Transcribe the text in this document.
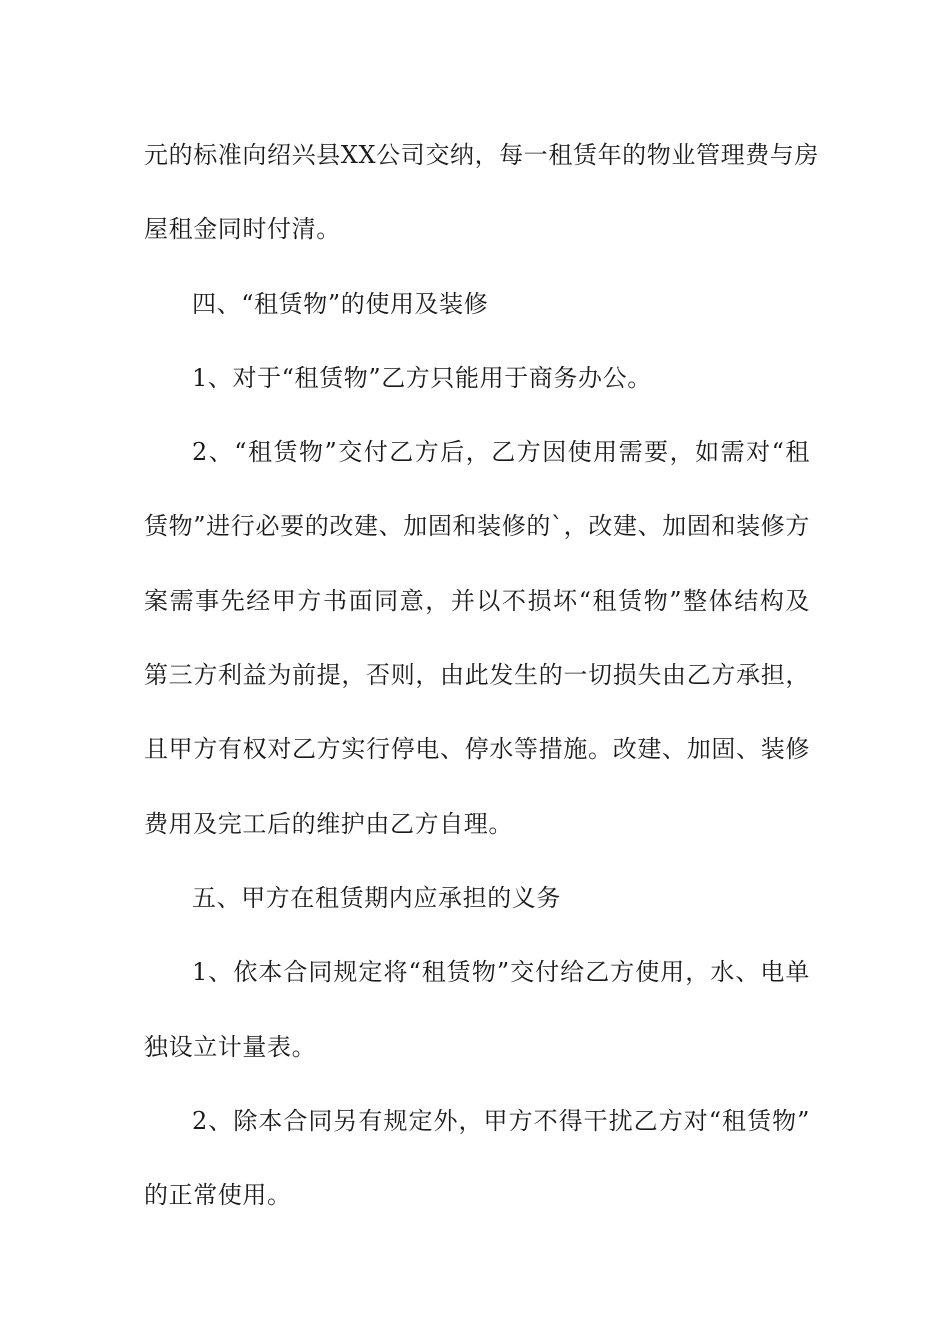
元的标准向绍兴县XX公司交纳，每一租赁年的物业管理费与房
屋租金同时付清。
四、“租赁物”的使用及装修
1、对于“租赁物”乙方只能用于商务办公。
2、“租赁物”交付乙方后，乙方因使用需要，如需对“租
赁物”进行必要的改建、加固和装修的`，改建、加固和装修方
案需事先经甲方书面同意，并以不损坏“租赁物”整体结构及
第三方利益为前提，否则，由此发生的一切损失由乙方承担，
且甲方有权对乙方实行停电、停水等措施。改建、加固、装修
费用及完工后的维护由乙方自理。
五、甲方在租赁期内应承担的义务
1、依本合同规定将“租赁物”交付给乙方使用，水、电单
独设立计量表。
2、除本合同另有规定外，甲方不得干扰乙方对“租赁物”
的正常使用。
